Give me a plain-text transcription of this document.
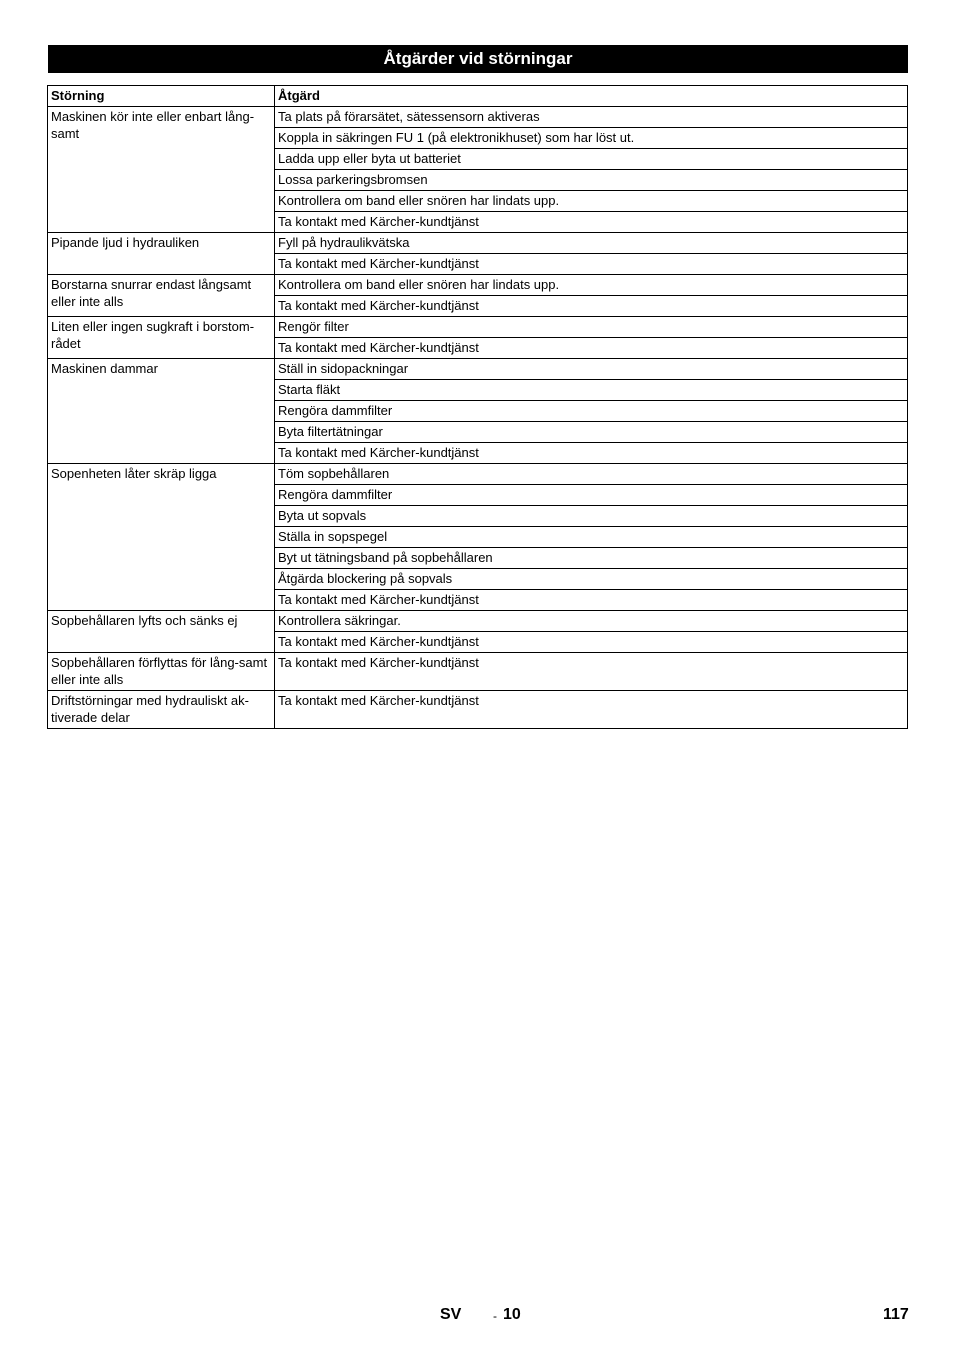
Åtgärder vid störningar
Störning	Åtgärd
Maskinen kör inte eller enbart lång-samt	Ta plats på förarsätet, sätessensorn aktiveras
	Koppla in säkringen FU 1 (på elektronikhuset) som har löst ut.
	Ladda upp eller byta ut batteriet
	Lossa parkeringsbromsen
	Kontrollera om band eller snören har lindats upp.
	Ta kontakt med Kärcher-kundtjänst
Pipande ljud i hydrauliken	Fyll på hydraulikvätska
	Ta kontakt med Kärcher-kundtjänst
Borstarna snurrar endast långsamt eller inte alls	Kontrollera om band eller snören har lindats upp.
	Ta kontakt med Kärcher-kundtjänst
Liten eller ingen sugkraft i borstom-rådet	Rengör filter
	Ta kontakt med Kärcher-kundtjänst
Maskinen dammar	Ställ in sidopackningar
	Starta fläkt
	Rengöra dammfilter
	Byta filtertätningar
	Ta kontakt med Kärcher-kundtjänst
Sopenheten låter skräp ligga	Töm sopbehållaren
	Rengöra dammfilter
	Byta ut sopvals
	Ställa in sopspegel
	Byt ut tätningsband på sopbehållaren
	Åtgärda blockering på sopvals
	Ta kontakt med Kärcher-kundtjänst
Sopbehållaren lyfts och sänks ej	Kontrollera säkringar.
	Ta kontakt med Kärcher-kundtjänst
Sopbehållaren förflyttas för lång-samt eller inte alls	Ta kontakt med Kärcher-kundtjänst
Driftstörningar med hydrauliskt ak-tiverade delar	Ta kontakt med Kärcher-kundtjänst
SV	- 10	117
